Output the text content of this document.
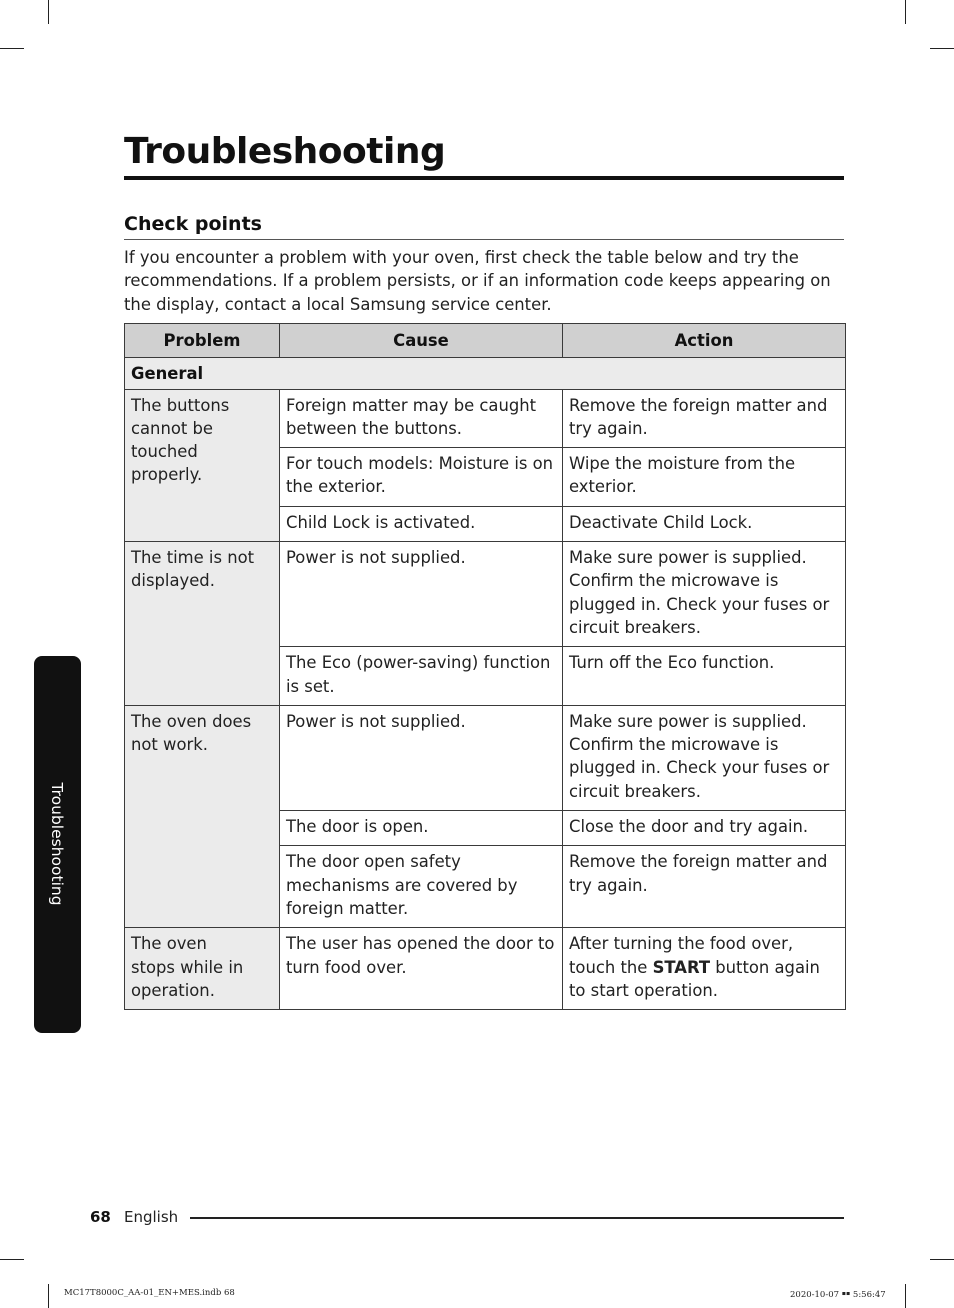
Troubleshooting
Check points

If you encounter a problem with your oven, first check the table below and try the recommendations. If a problem persists, or if an information code keeps appearing on the display, contact a local Samsung service center.

Problem	Cause	Action
General		
The buttons cannot be touched properly.	Foreign matter may be caught between the buttons.	Remove the foreign matter and try again.
	For touch models: Moisture is on the exterior.	Wipe the moisture from the exterior.
	Child Lock is activated.	Deactivate Child Lock.
The time is not displayed.	Power is not supplied.	Make sure power is supplied. Confirm the microwave is plugged in. Check your fuses or circuit breakers.
	The Eco (power-saving) function is set.	Turn off the Eco function.
The oven does not work.	Power is not supplied.	Make sure power is supplied. Confirm the microwave is plugged in. Check your fuses or circuit breakers.
	The door is open.	Close the door and try again.
	The door open safety mechanisms are covered by foreign matter.	Remove the foreign matter and try again.
The oven
stops while in operation.	The user has opened the door to turn food over.	After turning the food over, touch the START button again to start operation.
Troubleshooting
68 English
MC17T8000C_AA-01_EN+MES.indb 68	2020-10-07 ￭￭ 5:56:47
